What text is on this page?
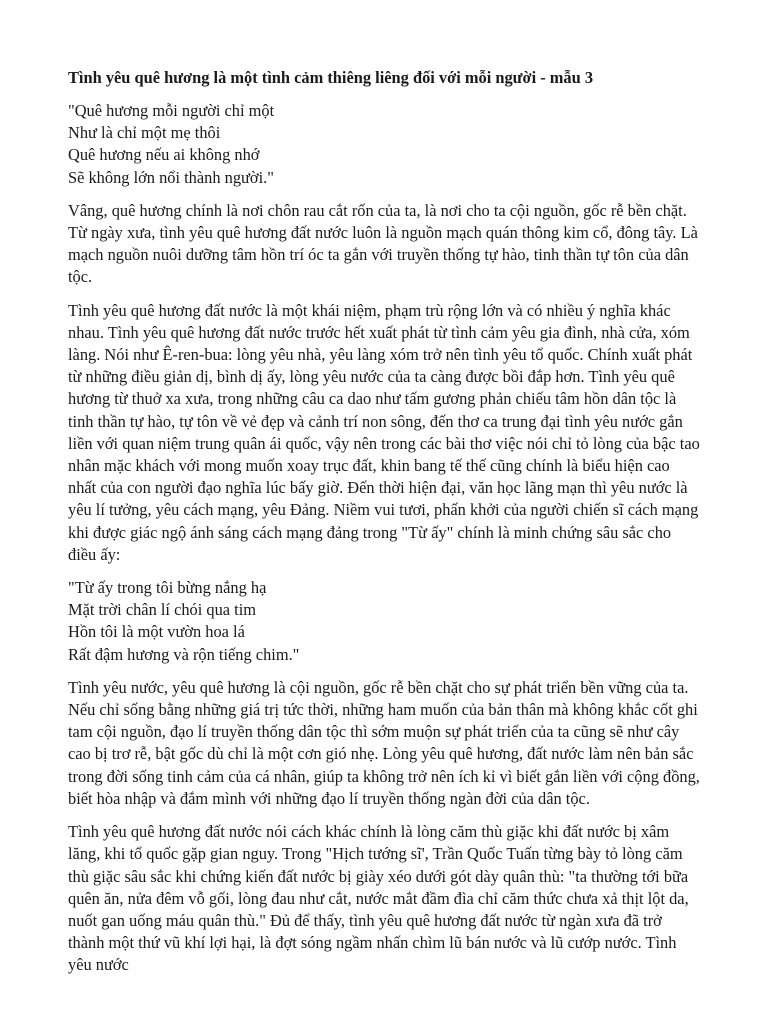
Tình yêu quê hương là một tình cảm thiêng liêng đối với mỗi người - mẫu 3
"Quê hương mỗi người chỉ một
Như là chỉ một mẹ thôi
Quê hương nếu ai không nhớ
Sẽ không lớn nổi thành người."

Vâng, quê hương chính là nơi chôn rau cắt rốn của ta, là nơi cho ta cội nguồn, gốc rễ bền chặt. Từ ngày xưa, tình yêu quê hương đất nước luôn là nguồn mạch quán thông kim cổ, đông tây. Là mạch nguồn nuôi dưỡng tâm hồn trí óc ta gắn với truyền thống tự hào, tinh thần tự tôn của dân tộc.

Tình yêu quê hương đất nước là một khái niệm, phạm trù rộng lớn và có nhiều ý nghĩa khác nhau. Tình yêu quê hương đất nước trước hết xuất phát từ tình cảm yêu gia đình, nhà cửa, xóm làng. Nói như Ê-ren-bua: lòng yêu nhà, yêu làng xóm trở nên tình yêu tổ quốc. Chính xuất phát từ những điều giản dị, bình dị ấy, lòng yêu nước của ta càng được bồi đắp hơn. Tình yêu quê hương từ thuở xa xưa, trong những câu ca dao như tấm gương phản chiếu tâm hồn dân tộc là tinh thần tự hào, tự tôn về vẻ đẹp và cảnh trí non sông, đến thơ ca trung đại tình yêu nước gắn liền với quan niệm trung quân ái quốc, vậy nên trong các bài thơ việc nói chỉ tỏ lòng của bậc tao nhân mặc khách với mong muốn xoay trục đất, khin bang tế thế cũng chính là biểu hiện cao nhất của con người đạo nghĩa lúc bấy giờ. Đến thời hiện đại, văn học lãng mạn thì yêu nước là yêu lí tưởng, yêu cách mạng, yêu Đảng. Niềm vui tươi, phấn khởi của người chiến sĩ cách mạng khi được giác ngộ ánh sáng cách mạng đảng trong "Từ ấy" chính là minh chứng sâu sắc cho điều ấy:

"Từ ấy trong tôi bừng nắng hạ
Mặt trời chân lí chói qua tim
Hồn tôi là một vườn hoa lá
Rất đậm hương và rộn tiếng chim."

Tình yêu nước, yêu quê hương là cội nguồn, gốc rễ bền chặt cho sự phát triển bền vững của ta. Nếu chỉ sống bằng những giá trị tức thời, những ham muốn của bản thân mà không khắc cốt ghi tam cội nguồn, đạo lí truyền thống dân tộc thì sớm muộn sự phát triển của ta cũng sẽ như cây cao bị trơ rễ, bật gốc dù chỉ là một cơn gió nhẹ. Lòng yêu quê hương, đất nước làm nên bản sắc trong đời sống tinh cảm của cá nhân, giúp ta không trở nên ích kỉ vì biết gắn liền với cộng đồng, biết hòa nhập và đắm mình với những đạo lí truyền thống ngàn đời của dân tộc.

Tình yêu quê hương đất nước nói cách khác chính là lòng căm thù giặc khi đất nước bị xâm lăng, khi tổ quốc gặp gian nguy. Trong "Hịch tướng sĩ', Trần Quốc Tuấn từng bày tỏ lòng căm thù giặc sâu sắc khi chứng kiến đất nước bị giày xéo dưới gót dày quân thù: "ta thường tới bữa quên ăn, nửa đêm vỗ gối, lòng đau như cắt, nước mắt đầm đìa chỉ căm thức chưa xả thịt lột da, nuốt gan uống máu quân thù." Đủ để thấy, tình yêu quê hương đất nước từ ngàn xưa đã trở thành một thứ vũ khí lợi hại, là đợt sóng ngầm nhấn chìm lũ bán nước và lũ cướp nước. Tình yêu nước
